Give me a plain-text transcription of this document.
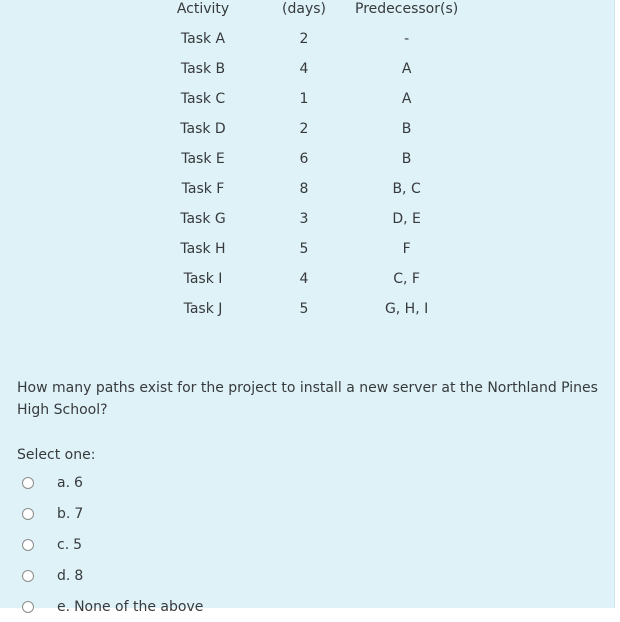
Activity	(days)	Predecessor(s)
Task A	2	-
Task B	4	A
Task C	1	A
Task D	2	B
Task E	6	B
Task F	8	B, C
Task G	3	D, E
Task H	5	F
Task I	4	C, F
Task J	5	G, H, I

How many paths exist for the project to install a new server at the Northland Pines High School?

Select one:

a. 6
b. 7
c. 5
d. 8
e. None of the above
